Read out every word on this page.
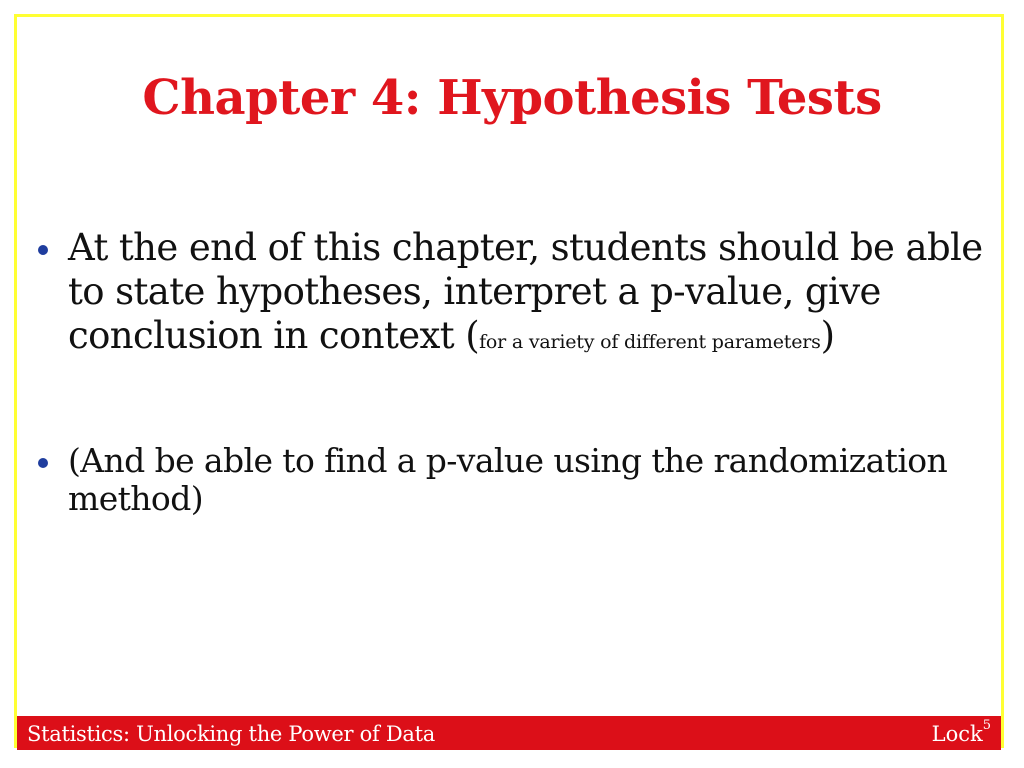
Chapter 4: Hypothesis Tests
At the end of this chapter, students should be able to state hypotheses, interpret a p-value, give conclusion in context (for a variety of different parameters)
(And be able to find a p-value using the randomization method)
Statistics: Unlocking the Power of Data	Lock$^5$
